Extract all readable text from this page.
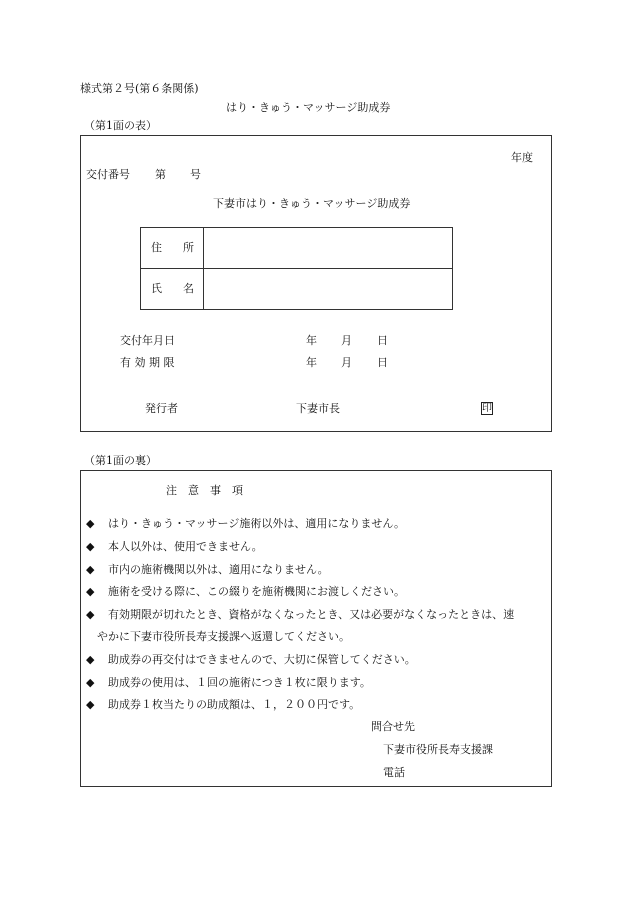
様式第２号(第６条関係)
はり・きゅう・マッサージ助成券
（第1面の表）
年度
交付番号 第 号
下妻市はり・きゅう・マッサージ助成券
住 所
氏 名
交付年月日	年 月 日
有 効 期 限	年 月 日
発行者	下妻市長	印
（第1面の裏）
注　意　事　項
◆ はり・きゅう・マッサージ施術以外は、適用になりません。
◆ 本人以外は、使用できません。
◆ 市内の施術機関以外は、適用になりません。
◆ 施術を受ける際に、この綴りを施術機関にお渡しください。
◆ 有効期限が切れたとき、資格がなくなったとき、又は必要がなくなったときは、速
やかに下妻市役所長寿支援課へ返還してください。
◆ 助成券の再交付はできませんので、大切に保管してください。
◆ 助成券の使用は、１回の施術につき１枚に限ります。
◆ 助成券１枚当たりの助成額は、１，２００円です。
問合せ先
下妻市役所長寿支援課
電話
